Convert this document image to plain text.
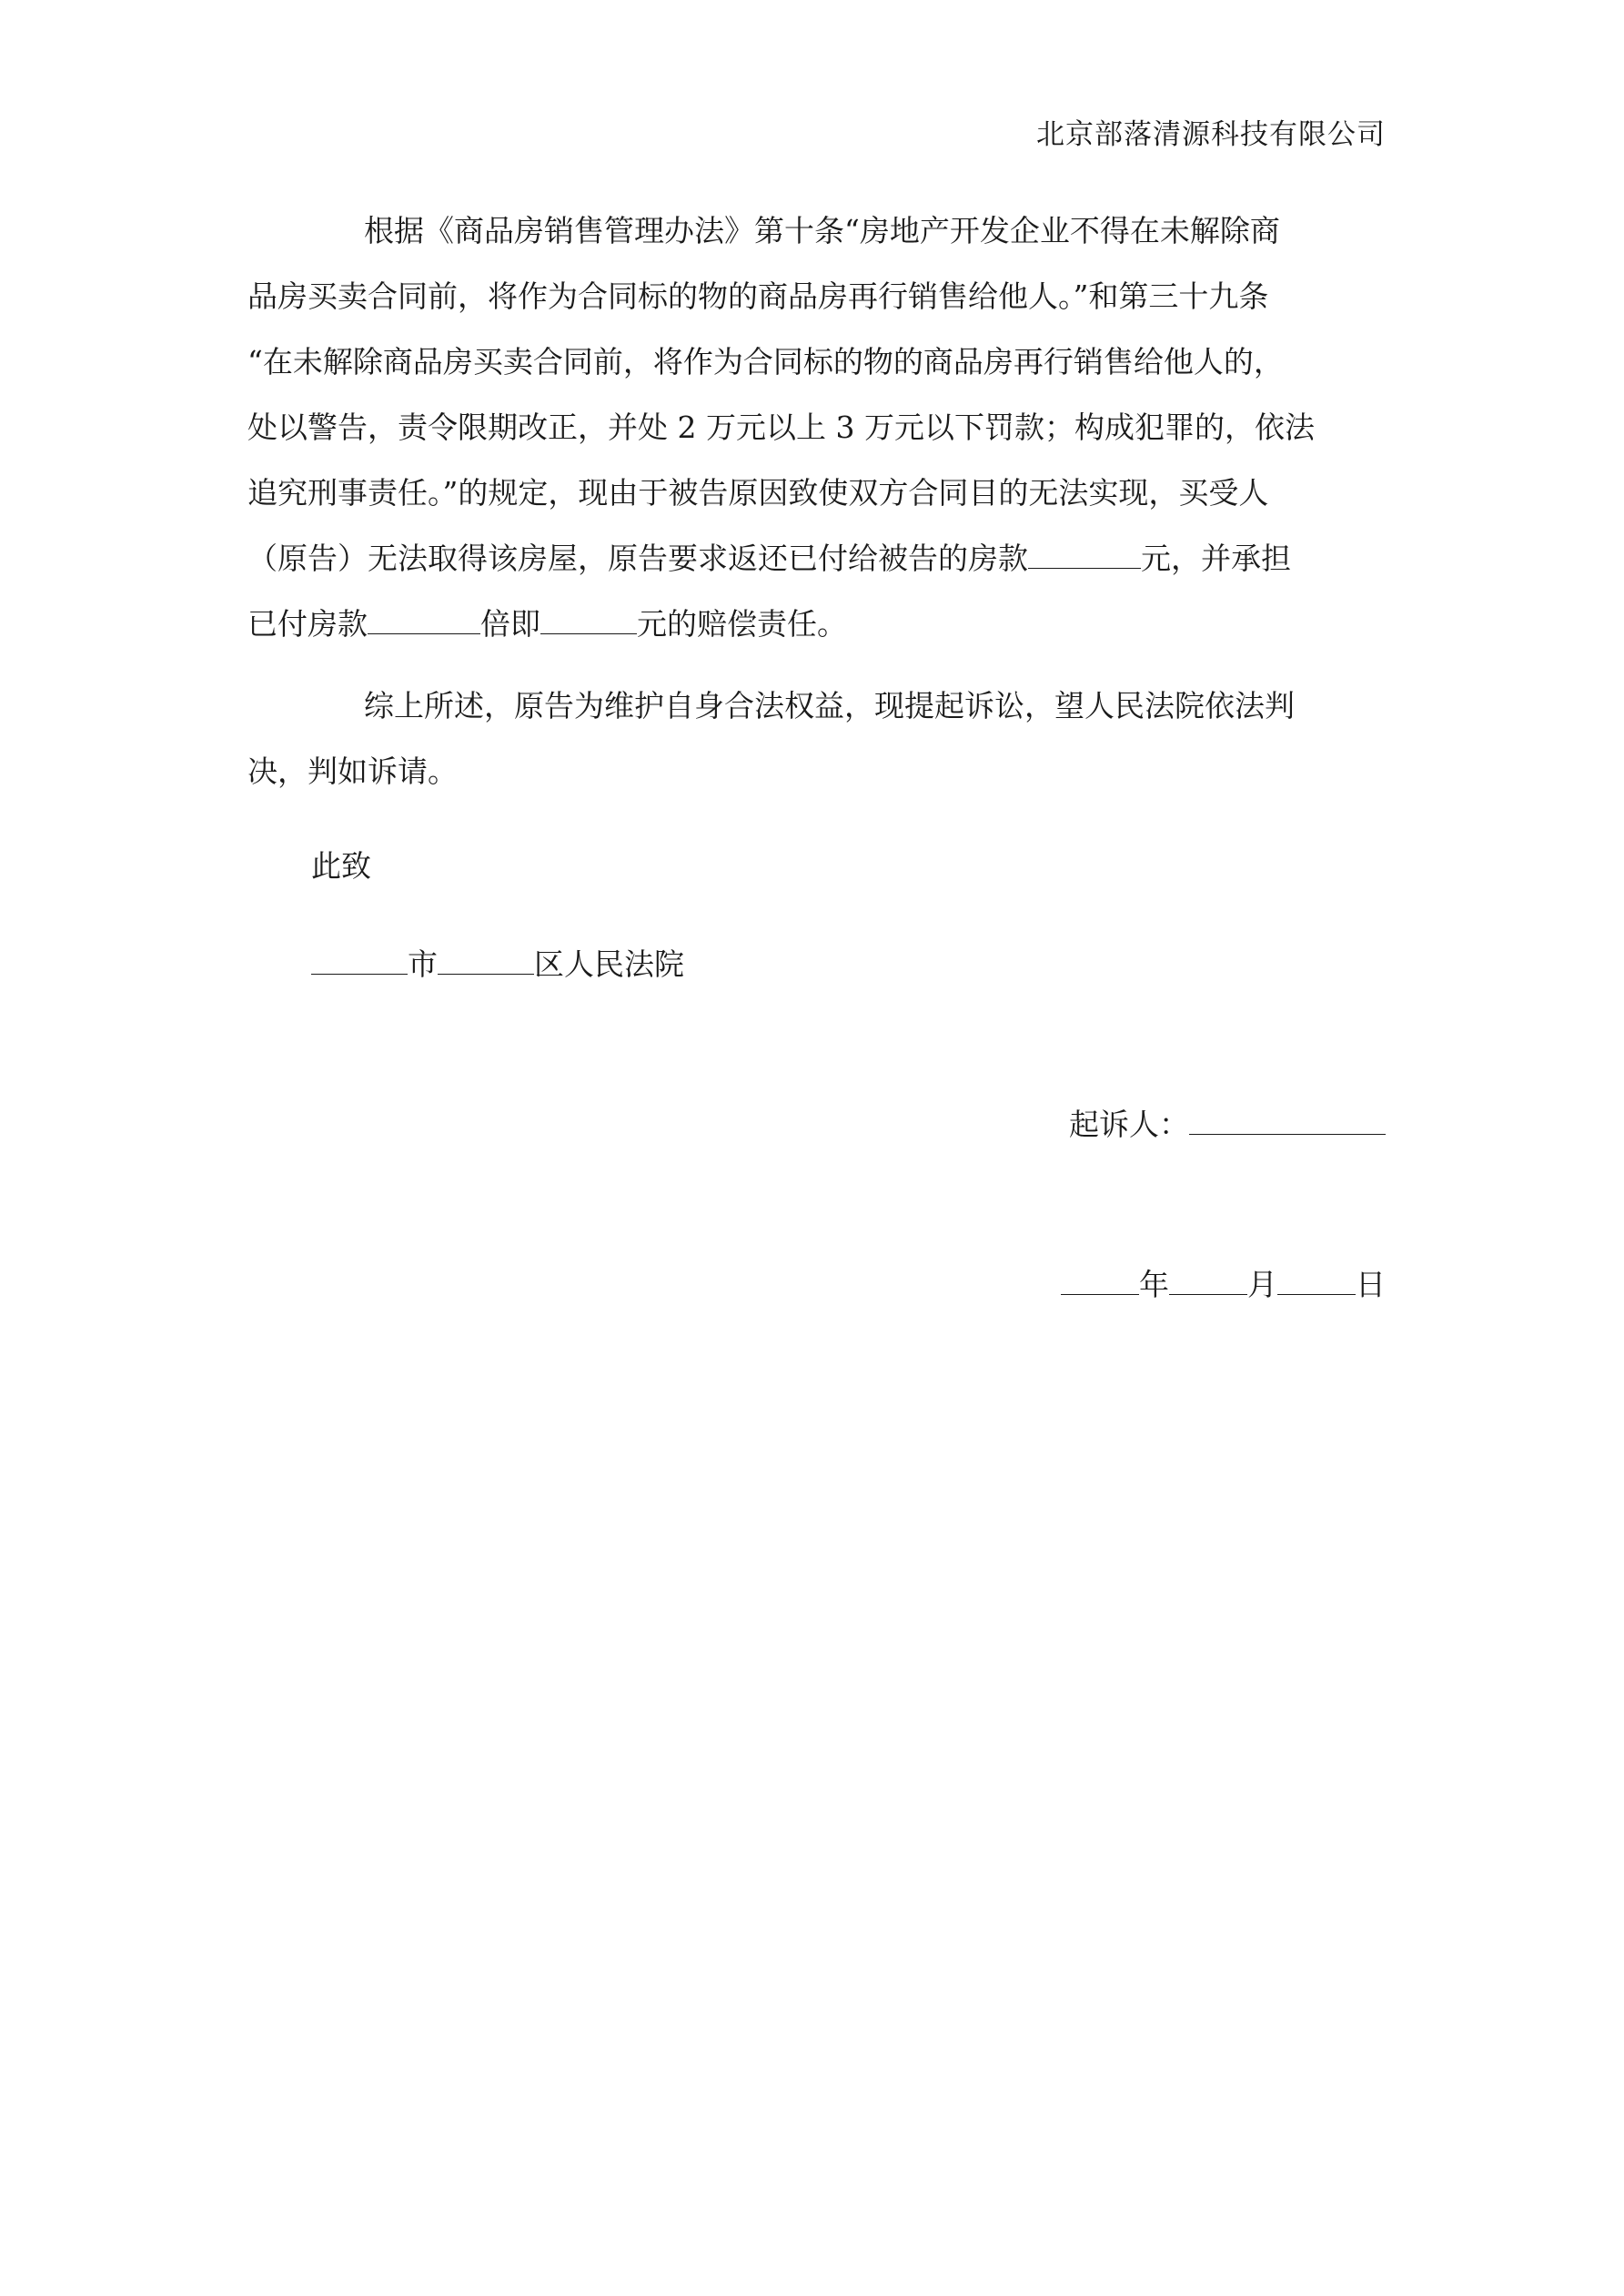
北京部落清源科技有限公司
根据《商品房销售管理办法》第十条“房地产开发企业不得在未解除商
品房买卖合同前，将作为合同标的物的商品房再行销售给他人。”和第三十九条
“在未解除商品房买卖合同前，将作为合同标的物的商品房再行销售给他人的，
处以警告，责令限期改正，并处 2 万元以上 3 万元以下罚款；构成犯罪的，依法
追究刑事责任。”的规定，现由于被告原因致使双方合同目的无法实现，买受人
（原告）无法取得该房屋，原告要求返还已付给被告的房款	元，并承担
已付房款	倍即	元的赔偿责任。
综上所述，原告为维护自身合法权益，现提起诉讼，望人民法院依法判
决，判如诉请。
此致
市	区人民法院
起诉人：
年	月	日
